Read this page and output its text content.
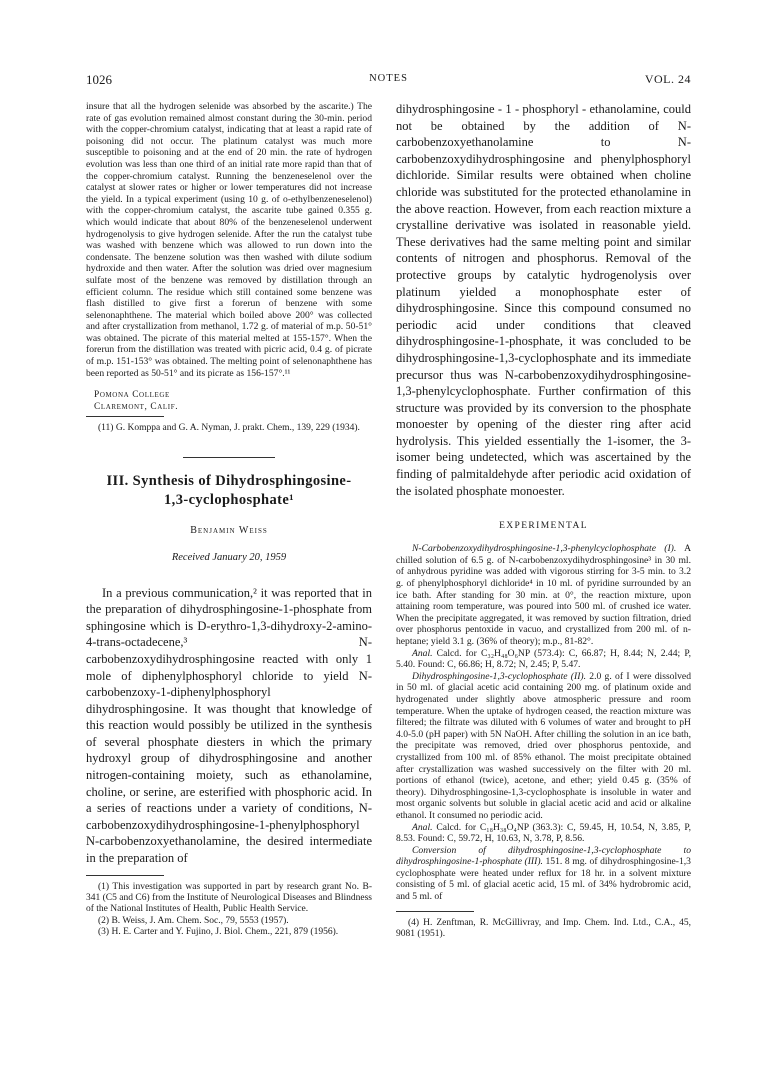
1026	NOTES	VOL. 24

insure that all the hydrogen selenide was absorbed by the ascarite.) The rate of gas evolution remained almost constant during the 30-min. period with the copper-chromium catalyst, indicating that at least a rapid rate of poisoning did not occur. The platinum catalyst was much more susceptible to poisoning and at the end of 20 min. the rate of hydrogen evolution was less than one third of an initial rate more rapid than that of the copper-chromium catalyst. Running the benzeneselenol over the catalyst at slower rates or higher or lower temperatures did not increase the yield. In a typical experiment (using 10 g. of o-ethylbenzeneselenol) with the copper-chromium catalyst, the ascarite tube gained 0.355 g. which would indicate that about 80% of the benzeneselenol underwent hydrogenolysis to give hydrogen selenide. After the run the catalyst tube was washed with benzene which was allowed to run down into the condensate. The benzene solution was then washed with dilute sodium hydroxide and then water. After the solution was dried over magnesium sulfate most of the benzene was removed by distillation through an efficient column. The residue which still contained some benzene was flash distilled to give first a forerun of benzene with some selenonaphthene. The material which boiled above 200° was collected and after crystallization from methanol, 1.72 g. of material of m.p. 50-51° was obtained. The picrate of this material melted at 155-157°. When the forerun from the distillation was treated with picric acid, 0.4 g. of picrate of m.p. 151-153° was obtained. The melting point of selenonaphthene has been reported as 50-51° and its picrate as 156-157°.¹¹

Pomona College
Claremont, Calif.

(11) G. Komppa and G. A. Nyman, J. prakt. Chem., 139, 229 (1934).

III. Synthesis of Dihydrosphingosine-
1,3-cyclophosphate¹

Benjamin Weiss
Received January 20, 1959

In a previous communication,² it was reported that in the preparation of dihydrosphingosine-1-phosphate from sphingosine which is D-erythro-1,3-dihydroxy-2-amino-4-trans-octadecene,³ N-carbobenzoxydihydrosphingosine reacted with only 1 mole of diphenylphosphoryl chloride to yield N-carbobenzoxy-1-diphenylphosphoryl dihydrosphingosine. It was thought that knowledge of this reaction would possibly be utilized in the synthesis of several phosphate diesters in which the primary hydroxyl group of dihydrosphingosine and another nitrogen-containing moiety, such as ethanolamine, choline, or serine, are esterified with phosphoric acid. In a series of reactions under a variety of conditions, N-carbobenzoxydihydrosphingosine-1-phenylphosphoryl N-carbobenzoxyethanolamine, the desired intermediate in the preparation of

(1) This investigation was supported in part by research grant No. B-341 (C5 and C6) from the Institute of Neurological Diseases and Blindness of the National Institutes of Health, Public Health Service.

(2) B. Weiss, J. Am. Chem. Soc., 79, 5553 (1957).

(3) H. E. Carter and Y. Fujino, J. Biol. Chem., 221, 879 (1956).

dihydrosphingosine - 1 - phosphoryl - ethanolamine, could not be obtained by the addition of N-carbobenzoxyethanolamine to N-carbobenzoxydihydrosphingosine and phenylphosphoryl dichloride. Similar results were obtained when choline chloride was substituted for the protected ethanolamine in the above reaction. However, from each reaction mixture a crystalline derivative was isolated in reasonable yield. These derivatives had the same melting point and similar contents of nitrogen and phosphorus. Removal of the protective groups by catalytic hydrogenolysis over platinum yielded a monophosphate ester of dihydrosphingosine. Since this compound consumed no periodic acid under conditions that cleaved dihydrosphingosine-1-phosphate, it was concluded to be dihydrosphingosine-1,3-cyclophosphate and its immediate precursor thus was N-carbobenzoxydihydrosphingosine-1,3-phenylcyclophosphate. Further confirmation of this structure was provided by its conversion to the phosphate monoester by opening of the diester ring after acid hydrolysis. This yielded essentially the 1-isomer, the 3-isomer being undetected, which was ascertained by the finding of palmitaldehyde after periodic acid oxidation of the isolated phosphate monoester.

EXPERIMENTAL

N-Carbobenzoxydihydrosphingosine-1,3-phenylcyclophosphate (I). A chilled solution of 6.5 g. of N-carbobenzoxydihydrosphingosine³ in 30 ml. of anhydrous pyridine was added with vigorous stirring for 3-5 min. to 3.2 g. of phenylphosphoryl dichloride⁴ in 10 ml. of pyridine surrounded by an ice bath. After standing for 30 min. at 0°, the reaction mixture, upon attaining room temperature, was poured into 500 ml. of crushed ice water. When the precipitate aggregated, it was removed by suction filtration, dried over phosphorus pentoxide in vacuo, and crystallized from 200 ml. of n-heptane; yield 3.1 g. (36% of theory); m.p., 81-82°.

Anal. Calcd. for C₃₂H₄₈O₆NP (573.4): C, 66.87; H, 8.44; N, 2.44; P, 5.40. Found: C, 66.86; H, 8.72; N, 2.45; P, 5.47.

Dihydrosphingosine-1,3-cyclophosphate (II). 2.0 g. of I were dissolved in 50 ml. of glacial acetic acid containing 200 mg. of platinum oxide and hydrogenated under slightly above atmospheric pressure and room temperature. When the uptake of hydrogen ceased, the reaction mixture was filtered; the filtrate was diluted with 6 volumes of water and brought to pH 4.0-5.0 (pH paper) with 5N NaOH. After chilling the solution in an ice bath, the precipitate was removed, dried over phosphorus pentoxide, and crystallized from 100 ml. of 85% ethanol. The moist precipitate obtained after crystallization was washed successively on the filter with 20 ml. portions of ethanol (twice), acetone, and ether; yield 0.45 g. (35% of theory). Dihydrosphingosine-1,3-cyclophosphate is insoluble in water and most organic solvents but soluble in glacial acetic acid and acid or alkaline ethanol. It consumed no periodic acid.

Anal. Calcd. for C₁₈H₃₈O₄NP (363.3): C, 59.45, H, 10.54, N, 3.85, P, 8.53. Found: C, 59.72, H, 10.63, N, 3.78, P, 8.56.

Conversion of dihydrosphingosine-1,3-cyclophosphate to dihydrosphingosine-1-phosphate (III). 151. 8 mg. of dihydrosphingosine-1,3 cyclophosphate were heated under reflux for 18 hr. in a solvent mixture consisting of 5 ml. of glacial acetic acid, 15 ml. of 34% hydrobromic acid, and 5 ml. of

(4) H. Zenftman, R. McGillivray, and Imp. Chem. Ind. Ltd., C.A., 45, 9081 (1951).
